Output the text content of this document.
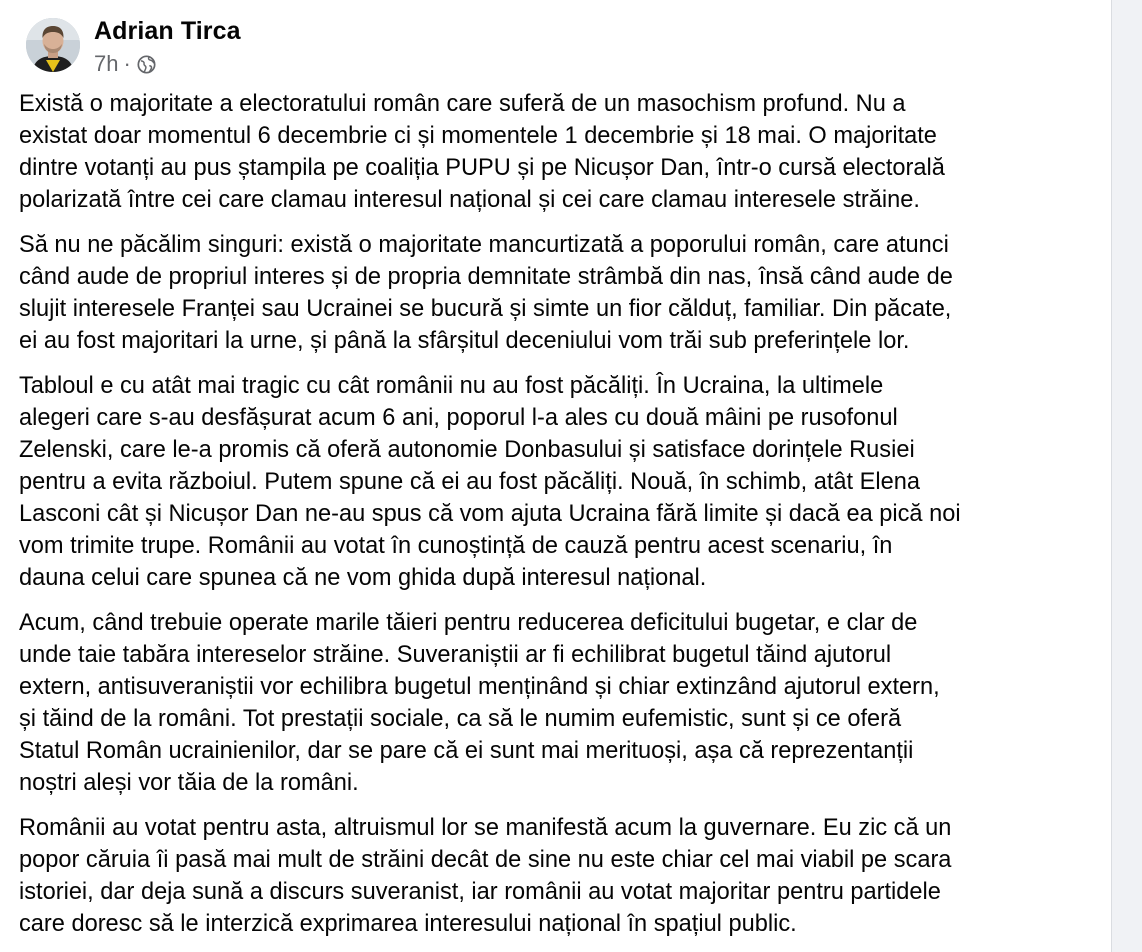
Adrian Tirca
7h ·
Există o majoritate a electoratului român care suferă de un masochism profund. Nu a
existat doar momentul 6 decembrie ci și momentele 1 decembrie și 18 mai. O majoritate
dintre votanți au pus ștampila pe coaliția PUPU și pe Nicușor Dan, într-o cursă electorală
polarizată între cei care clamau interesul național și cei care clamau interesele străine.
Să nu ne păcălim singuri: există o majoritate mancurtizată a poporului român, care atunci
când aude de propriul interes și de propria demnitate strâmbă din nas, însă când aude de
slujit interesele Franței sau Ucrainei se bucură și simte un fior călduț, familiar. Din păcate,
ei au fost majoritari la urne, și până la sfârșitul deceniului vom trăi sub preferințele lor.
Tabloul e cu atât mai tragic cu cât românii nu au fost păcăliți. În Ucraina, la ultimele
alegeri care s-au desfășurat acum 6 ani, poporul l-a ales cu două mâini pe rusofonul
Zelenski, care le-a promis că oferă autonomie Donbasului și satisface dorințele Rusiei
pentru a evita războiul. Putem spune că ei au fost păcăliți. Nouă, în schimb, atât Elena
Lasconi cât și Nicușor Dan ne-au spus că vom ajuta Ucraina fără limite și dacă ea pică noi
vom trimite trupe. Românii au votat în cunoștință de cauză pentru acest scenariu, în
dauna celui care spunea că ne vom ghida după interesul național.
Acum, când trebuie operate marile tăieri pentru reducerea deficitului bugetar, e clar de
unde taie tabăra intereselor străine. Suveraniștii ar fi echilibrat bugetul tăind ajutorul
extern, antisuveraniștii vor echilibra bugetul menținând și chiar extinzând ajutorul extern,
și tăind de la români. Tot prestații sociale, ca să le numim eufemistic, sunt și ce oferă
Statul Român ucrainienilor, dar se pare că ei sunt mai merituoși, așa că reprezentanții
noștri aleși vor tăia de la români.
Românii au votat pentru asta, altruismul lor se manifestă acum la guvernare. Eu zic că un
popor căruia îi pasă mai mult de străini decât de sine nu este chiar cel mai viabil pe scara
istoriei, dar deja sună a discurs suveranist, iar românii au votat majoritar pentru partidele
care doresc să le interzică exprimarea interesului național în spațiul public.
